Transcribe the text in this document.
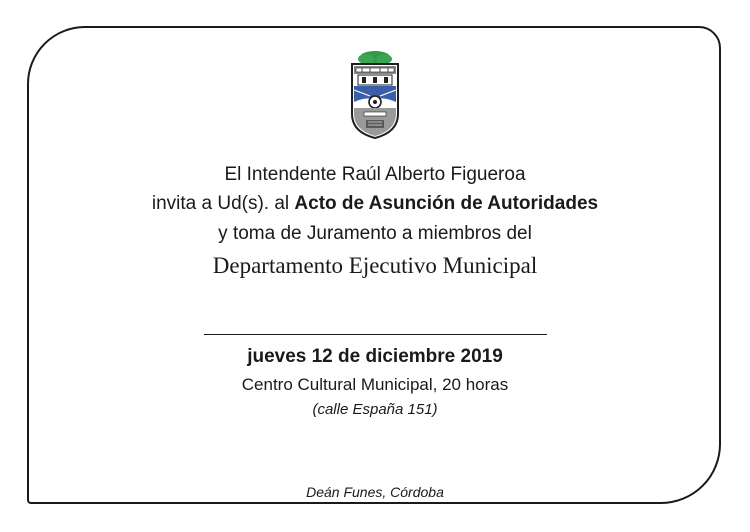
El Intendente Raúl Alberto Figueroa
invita a Ud(s). al Acto de Asunción de Autoridades
y toma de Juramento a miembros del
Departamento Ejecutivo Municipal
jueves 12 de diciembre 2019
Centro Cultural Municipal, 20 horas
(calle España 151)
Deán Funes, Córdoba
